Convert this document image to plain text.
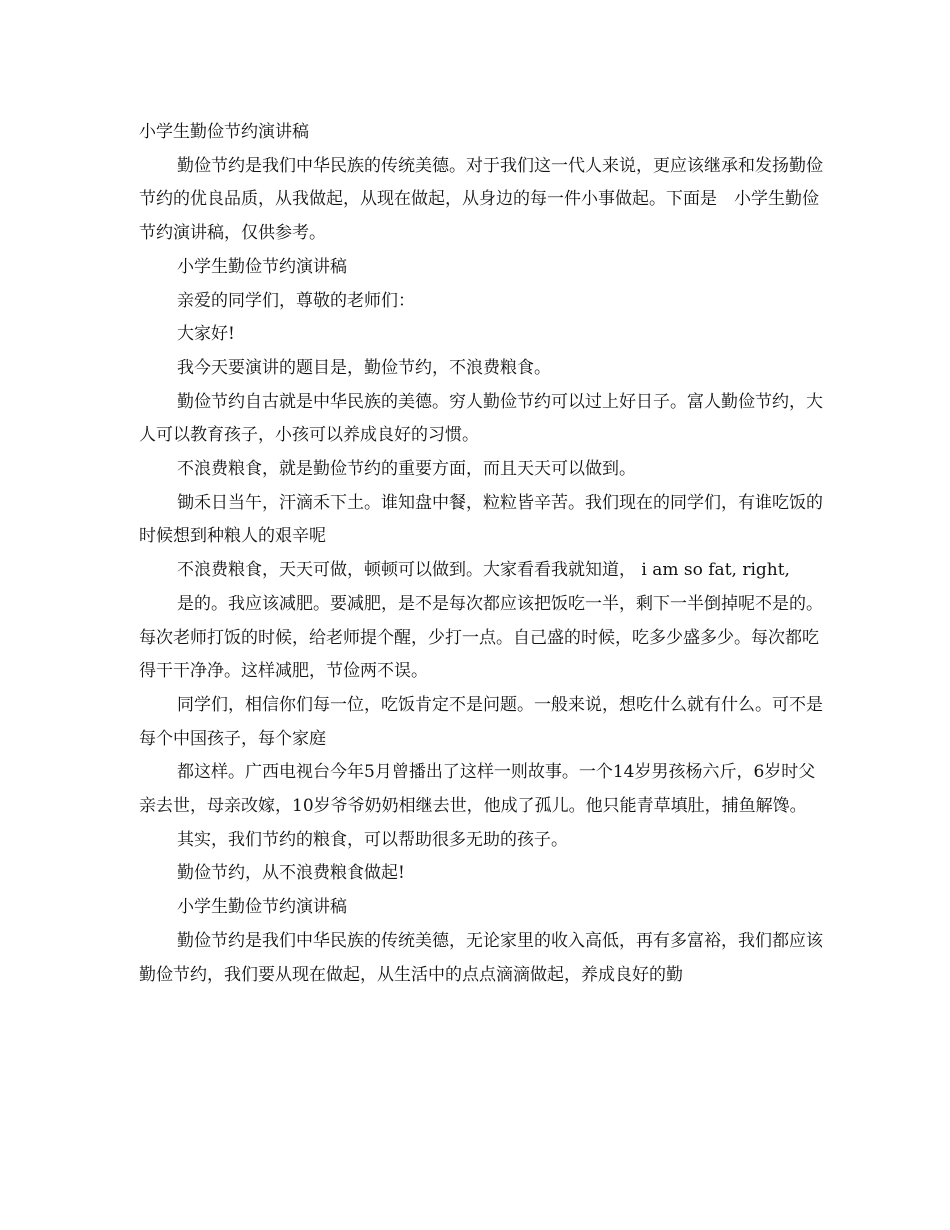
小学生勤俭节约演讲稿

勤俭节约是我们中华民族的传统美德。对于我们这一代人来说，更应该继承和发扬勤俭节约的优良品质，从我做起，从现在做起，从身边的每一件小事做起。下面是　小学生勤俭节约演讲稿，仅供参考。

小学生勤俭节约演讲稿

亲爱的同学们，尊敬的老师们：

大家好!

我今天要演讲的题目是，勤俭节约，不浪费粮食。

勤俭节约自古就是中华民族的美德。穷人勤俭节约可以过上好日子。富人勤俭节约，大人可以教育孩子，小孩可以养成良好的习惯。

不浪费粮食，就是勤俭节约的重要方面，而且天天可以做到。

锄禾日当午，汗滴禾下土。谁知盘中餐，粒粒皆辛苦。我们现在的同学们，有谁吃饭的时候想到种粮人的艰辛呢

不浪费粮食，天天可做，顿顿可以做到。大家看看我就知道， i am so fat, right,

是的。我应该减肥。要减肥，是不是每次都应该把饭吃一半，剩下一半倒掉呢不是的。每次老师打饭的时候，给老师提个醒，少打一点。自己盛的时候，吃多少盛多少。每次都吃得干干净净。这样减肥，节俭两不误。

同学们，相信你们每一位，吃饭肯定不是问题。一般来说，想吃什么就有什么。可不是每个中国孩子，每个家庭

都这样。广西电视台今年5月曾播出了这样一则故事。一个14岁男孩杨六斤，6岁时父亲去世，母亲改嫁，10岁爷爷奶奶相继去世，他成了孤儿。他只能青草填肚，捕鱼解馋。

其实，我们节约的粮食，可以帮助很多无助的孩子。

勤俭节约，从不浪费粮食做起!

小学生勤俭节约演讲稿

勤俭节约是我们中华民族的传统美德，无论家里的收入高低，再有多富裕，我们都应该勤俭节约，我们要从现在做起，从生活中的点点滴滴做起，养成良好的勤
